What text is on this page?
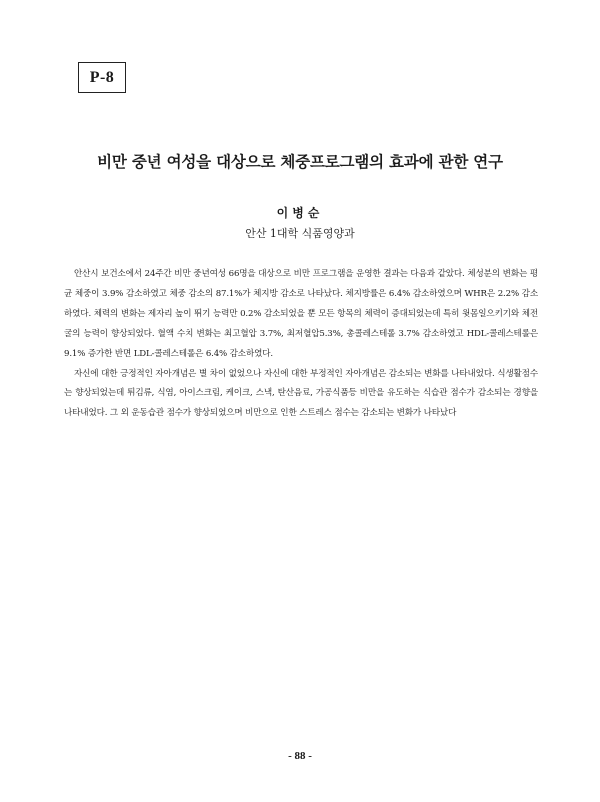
P-8
비만 중년 여성을 대상으로 체중프로그램의 효과에 관한 연구
이병순
안산 1대학 식품영양과

안산시 보건소에서 24주간 비만 중년여성 66명을 대상으로 비만 프로그램을 운영한 결과는 다음과 같았다. 체성분의 변화는 평균 체중이 3.9% 감소하였고 체중 감소의 87.1%가 체지방 감소로 나타났다. 체지방률은 6.4% 감소하였으며 WHR은 2.2% 감소하였다. 체력의 변화는 제자리 높이 뛰기 능력만 0.2% 감소되었을 뿐 모든 항목의 체력이 증대되었는데 특히 윗몸일으키기와 체전굴의 능력이 향상되었다. 혈액 수치 변화는 최고혈압 3.7%, 최저혈압5.3%, 총콜레스테롤 3.7% 감소하였고 HDL-콜레스테롤은 9.1% 증가한 반면 LDL-콜레스테롤은 6.4% 감소하였다.

자신에 대한 긍정적인 자아개념은 별 차이 없었으나 자신에 대한 부정적인 자아개념은 감소되는 변화를 나타내었다. 식생활점수는 향상되었는데 튀김류, 식염, 아이스크림, 케이크, 스낵, 탄산음료, 가공식품등 비만을 유도하는 식습관 점수가 감소되는 경향을 나타내었다. 그 외 운동습관 점수가 향상되었으며 비만으로 인한 스트레스 점수는 감소되는 변화가 나타났다

- 88 -
